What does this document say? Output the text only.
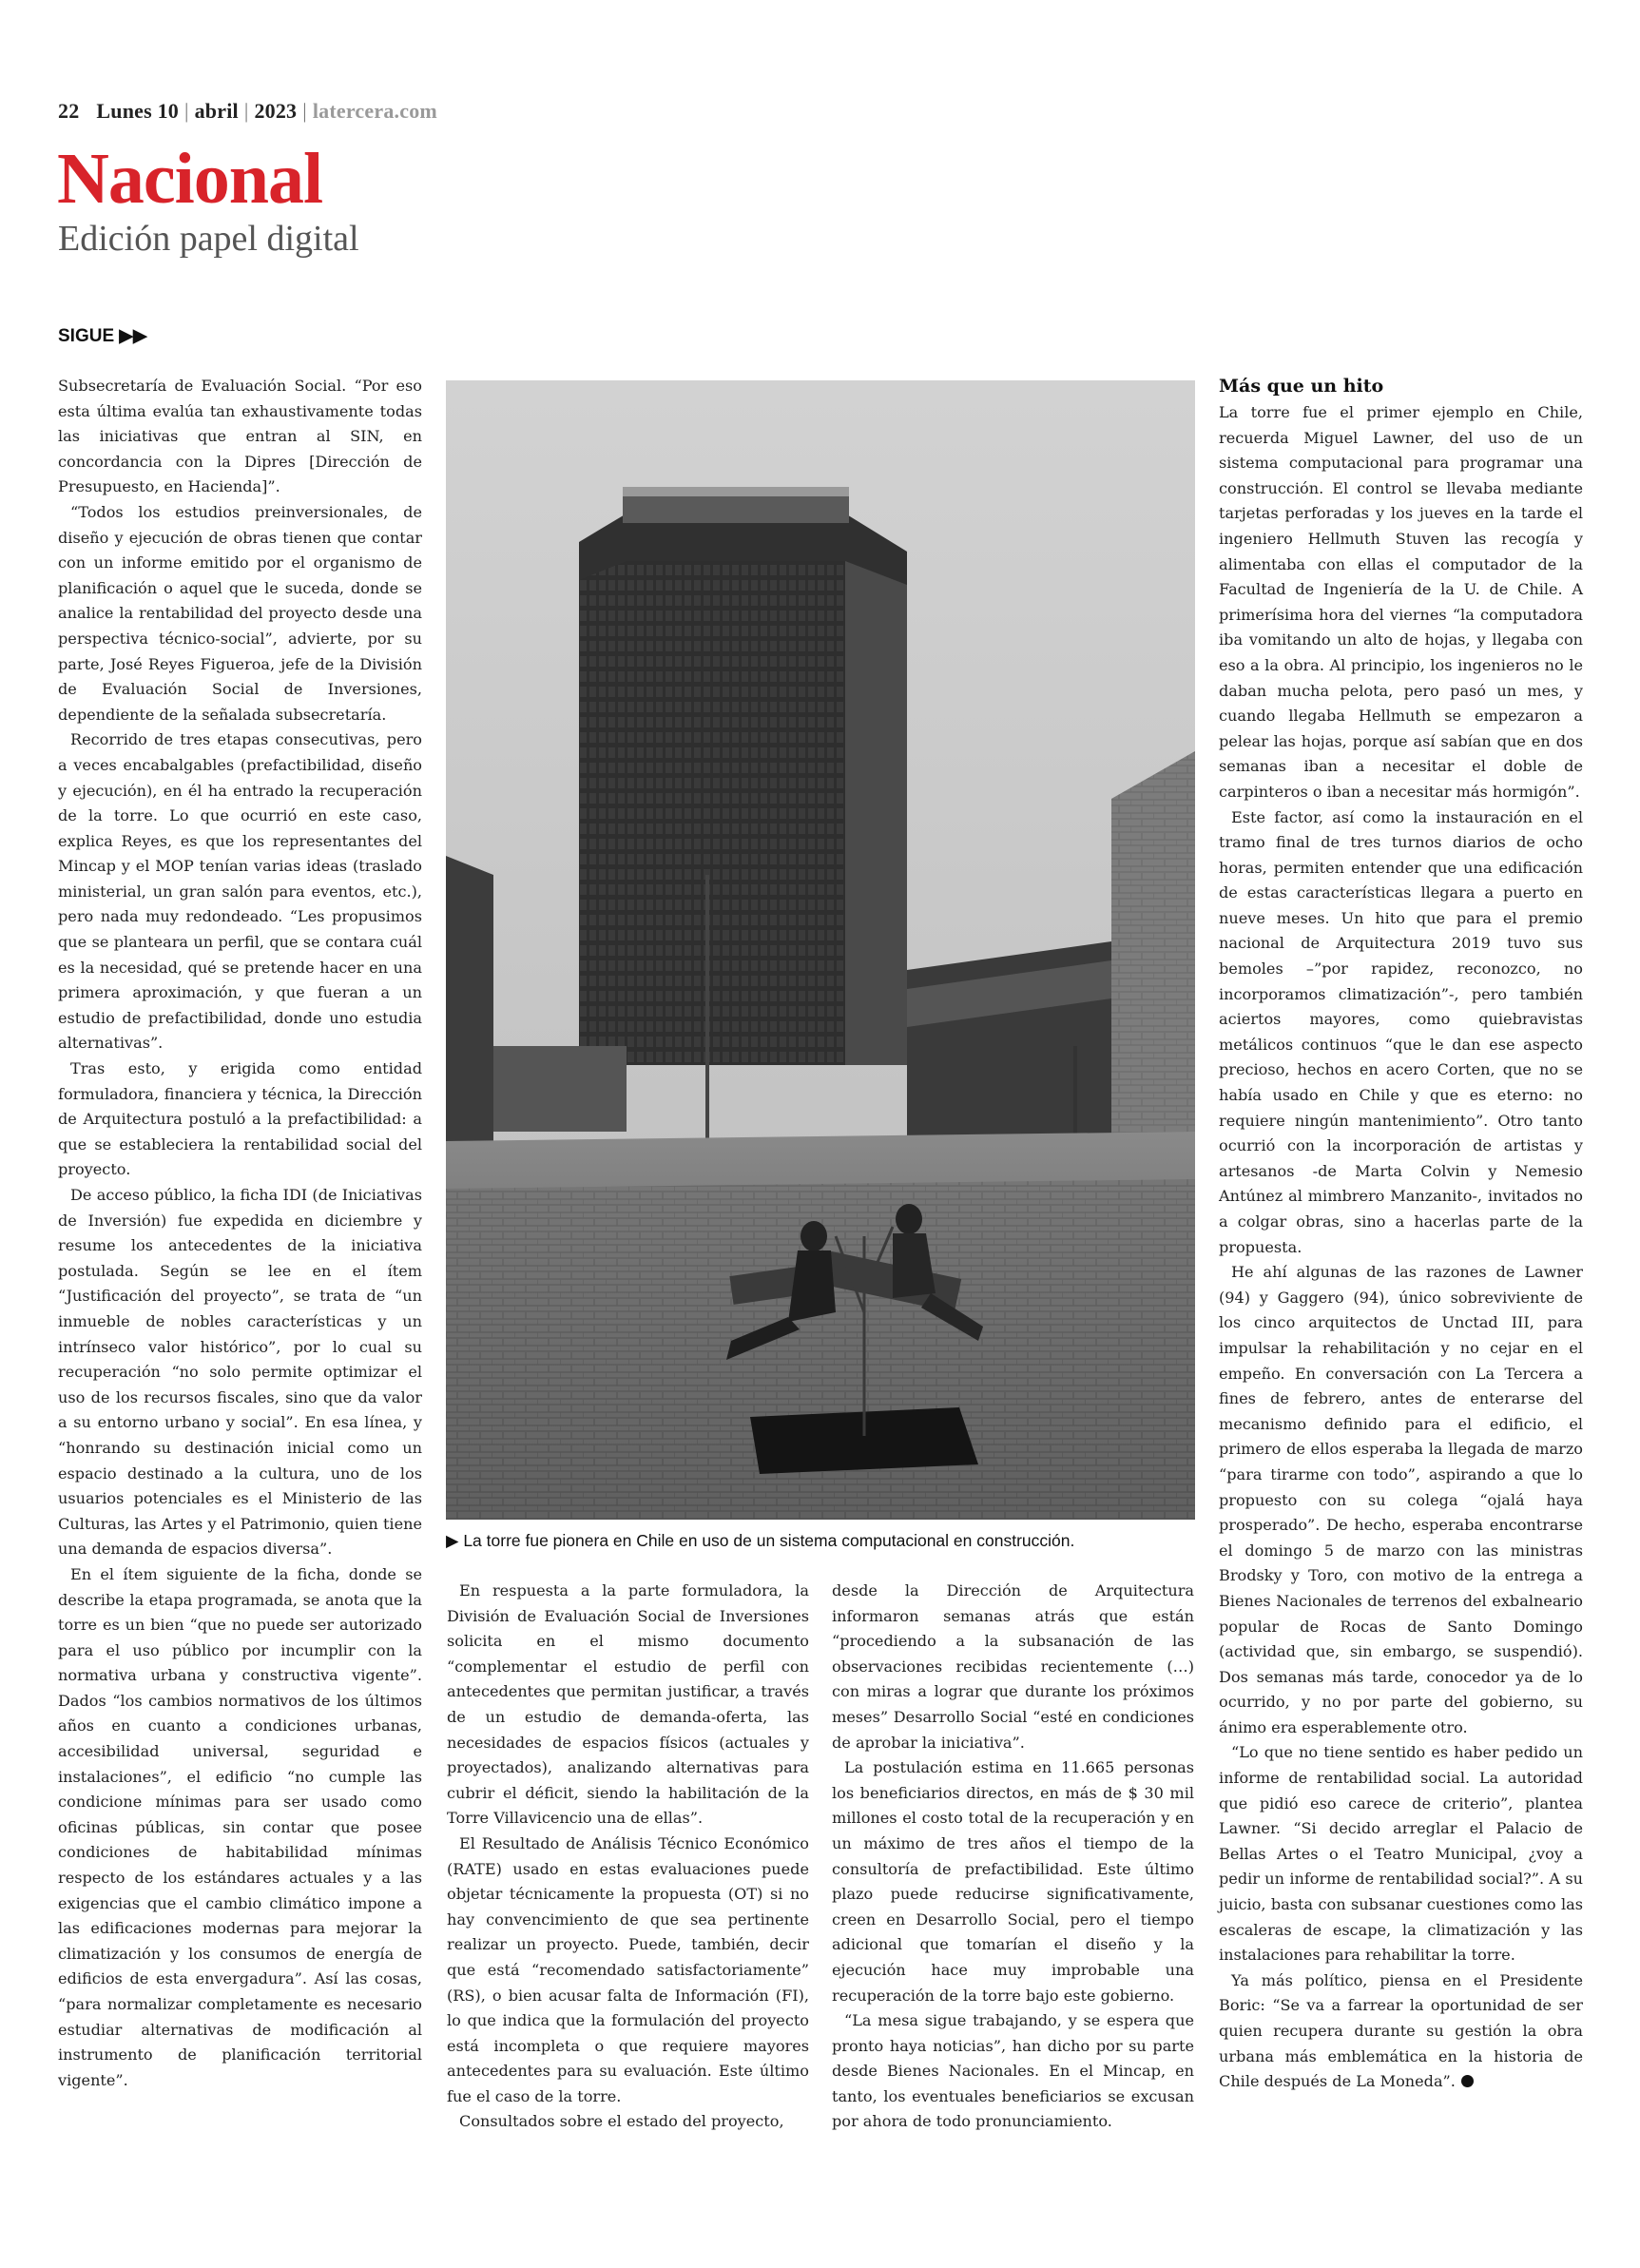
22 Lunes 10 | abril | 2023 | latercera.com
Nacional
Edición papel digital
SIGUE ▶▶

Subsecretaría de Evaluación Social. “Por eso esta última evalúa tan exhaustivamente todas las iniciativas que entran al SIN, en concordancia con la Dipres [Dirección de Presupuesto, en Hacienda]”.

“Todos los estudios preinversionales, de diseño y ejecución de obras tienen que contar con un informe emitido por el organismo de planificación o aquel que le suceda, donde se analice la rentabilidad del proyecto desde una perspectiva técnico-social”, advierte, por su parte, José Reyes Figueroa, jefe de la División de Evaluación Social de Inversiones, dependiente de la señalada subsecretaría.

Recorrido de tres etapas consecutivas, pero a veces encabalgables (prefactibilidad, diseño y ejecución), en él ha entrado la recuperación de la torre. Lo que ocurrió en este caso, explica Reyes, es que los representantes del Mincap y el MOP tenían varias ideas (traslado ministerial, un gran salón para eventos, etc.), pero nada muy redondeado. “Les propusimos que se planteara un perfil, que se contara cuál es la necesidad, qué se pretende hacer en una primera aproximación, y que fueran a un estudio de prefactibilidad, donde uno estudia alternativas”.

Tras esto, y erigida como entidad formuladora, financiera y técnica, la Dirección de Arquitectura postuló a la prefactibilidad: a que se estableciera la rentabilidad social del proyecto.

De acceso público, la ficha IDI (de Iniciativas de Inversión) fue expedida en diciembre y resume los antecedentes de la iniciativa postulada. Según se lee en el ítem “Justificación del proyecto”, se trata de “un inmueble de nobles características y un intrínseco valor histórico”, por lo cual su recuperación “no solo permite optimizar el uso de los recursos fiscales, sino que da valor a su entorno urbano y social”. En esa línea, y “honrando su destinación inicial como un espacio destinado a la cultura, uno de los usuarios potenciales es el Ministerio de las Culturas, las Artes y el Patrimonio, quien tiene una demanda de espacios diversa”.

En el ítem siguiente de la ficha, donde se describe la etapa programada, se anota que la torre es un bien “que no puede ser autorizado para el uso público por incumplir con la normativa urbana y constructiva vigente”. Dados “los cambios normativos de los últimos años en cuanto a condiciones urbanas, accesibilidad universal, seguridad e instalaciones”, el edificio “no cumple las condicione mínimas para ser usado como oficinas públicas, sin contar que posee condiciones de habitabilidad mínimas respecto de los estándares actuales y a las exigencias que el cambio climático impone a las edificaciones modernas para mejorar la climatización y los consumos de energía de edificios de esta envergadura”. Así las cosas, “para normalizar completamente es necesario estudiar alternativas de modificación al instrumento de planificación territorial vigente”.

▶ La torre fue pionera en Chile en uso de un sistema computacional en construcción.

En respuesta a la parte formuladora, la División de Evaluación Social de Inversiones solicita en el mismo documento “complementar el estudio de perfil con antecedentes que permitan justificar, a través de un estudio de demanda-oferta, las necesidades de espacios físicos (actuales y proyectados), analizando alternativas para cubrir el déficit, siendo la habilitación de la Torre Villavicencio una de ellas”.

El Resultado de Análisis Técnico Económico (RATE) usado en estas evaluaciones puede objetar técnicamente la propuesta (OT) si no hay convencimiento de que sea pertinente realizar un proyecto. Puede, también, decir que está “recomendado satisfactoriamente” (RS), o bien acusar falta de Información (FI), lo que indica que la formulación del proyecto está incompleta o que requiere mayores antecedentes para su evaluación. Este último fue el caso de la torre.

Consultados sobre el estado del proyecto,

desde la Dirección de Arquitectura informaron semanas atrás que están “procediendo a la subsanación de las observaciones recibidas recientemente (…) con miras a lograr que durante los próximos meses” Desarrollo Social “esté en condiciones de aprobar la iniciativa”.

La postulación estima en 11.665 personas los beneficiarios directos, en más de $ 30 mil millones el costo total de la recuperación y en un máximo de tres años el tiempo de la consultoría de prefactibilidad. Este último plazo puede reducirse significativamente, creen en Desarrollo Social, pero el tiempo adicional que tomarían el diseño y la ejecución hace muy improbable una recuperación de la torre bajo este gobierno.

“La mesa sigue trabajando, y se espera que pronto haya noticias”, han dicho por su parte desde Bienes Nacionales. En el Mincap, en tanto, los eventuales beneficiarios se excusan por ahora de todo pronunciamiento.

Más que un hito

La torre fue el primer ejemplo en Chile, recuerda Miguel Lawner, del uso de un sistema computacional para programar una construcción. El control se llevaba mediante tarjetas perforadas y los jueves en la tarde el ingeniero Hellmuth Stuven las recogía y alimentaba con ellas el computador de la Facultad de Ingeniería de la U. de Chile. A primerísima hora del viernes “la computadora iba vomitando un alto de hojas, y llegaba con eso a la obra. Al principio, los ingenieros no le daban mucha pelota, pero pasó un mes, y cuando llegaba Hellmuth se empezaron a pelear las hojas, porque así sabían que en dos semanas iban a necesitar el doble de carpinteros o iban a necesitar más hormigón”.

Este factor, así como la instauración en el tramo final de tres turnos diarios de ocho horas, permiten entender que una edificación de estas características llegara a puerto en nueve meses. Un hito que para el premio nacional de Arquitectura 2019 tuvo sus bemoles –”por rapidez, reconozco, no incorporamos climatización”-, pero también aciertos mayores, como quiebravistas metálicos continuos “que le dan ese aspecto precioso, hechos en acero Corten, que no se había usado en Chile y que es eterno: no requiere ningún mantenimiento”. Otro tanto ocurrió con la incorporación de artistas y artesanos -de Marta Colvin y Nemesio Antúnez al mimbrero Manzanito-, invitados no a colgar obras, sino a hacerlas parte de la propuesta.

He ahí algunas de las razones de Lawner (94) y Gaggero (94), único sobreviviente de los cinco arquitectos de Unctad III, para impulsar la rehabilitación y no cejar en el empeño. En conversación con La Tercera a fines de febrero, antes de enterarse del mecanismo definido para el edificio, el primero de ellos esperaba la llegada de marzo “para tirarme con todo”, aspirando a que lo propuesto con su colega “ojalá haya prosperado”. De hecho, esperaba encontrarse el domingo 5 de marzo con las ministras Brodsky y Toro, con motivo de la entrega a Bienes Nacionales de terrenos del exbalneario popular de Rocas de Santo Domingo (actividad que, sin embargo, se suspendió). Dos semanas más tarde, conocedor ya de lo ocurrido, y no por parte del gobierno, su ánimo era esperablemente otro.

“Lo que no tiene sentido es haber pedido un informe de rentabilidad social. La autoridad que pidió eso carece de criterio”, plantea Lawner. “Si decido arreglar el Palacio de Bellas Artes o el Teatro Municipal, ¿voy a pedir un informe de rentabilidad social?”. A su juicio, basta con subsanar cuestiones como las escaleras de escape, la climatización y las instalaciones para rehabilitar la torre.

Ya más político, piensa en el Presidente Boric: “Se va a farrear la oportunidad de ser quien recupera durante su gestión la obra urbana más emblemática en la historia de Chile después de La Moneda”.
